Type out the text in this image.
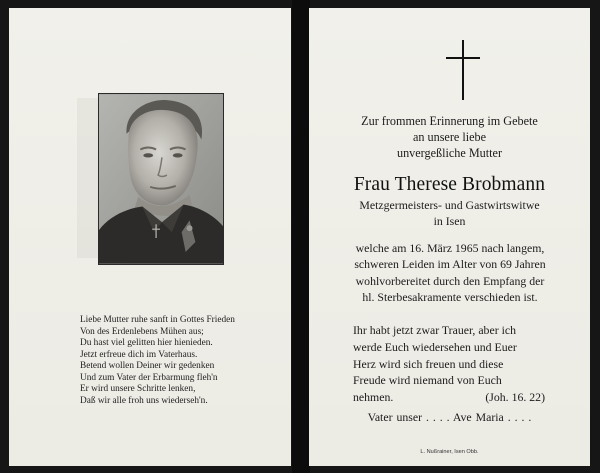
Liebe Mutter ruhe sanft in Gottes Frieden
Von des Erdenlebens Mühen aus;
Du hast viel gelitten hier hienieden.
Jetzt erfreue dich im Vaterhaus.
Betend wollen Deiner wir gedenken
Und zum Vater der Erbarmung fleh'n
Er wird unsere Schritte lenken,
Daß wir alle froh uns wiederseh'n.
Zur frommen Erinnerung im Gebete
an unsere liebe
unvergeßliche Mutter
Frau Therese Brobmann
Metzgermeisters- und Gastwirtswitwe
in Isen
welche am 16. März 1965 nach langem,
schweren Leiden im Alter von 69 Jahren
wohlvorbereitet durch den Empfang der
hl. Sterbesakramente verschieden ist.
Ihr habt jetzt zwar Trauer, aber ich
werde Euch wiedersehen und Euer
Herz wird sich freuen und diese
Freude wird niemand von Euch
nehmen.	(Joh. 16. 22)
Vater unser . . . . Ave Maria . . . .
L. Nußrainer, Isen Obb.
